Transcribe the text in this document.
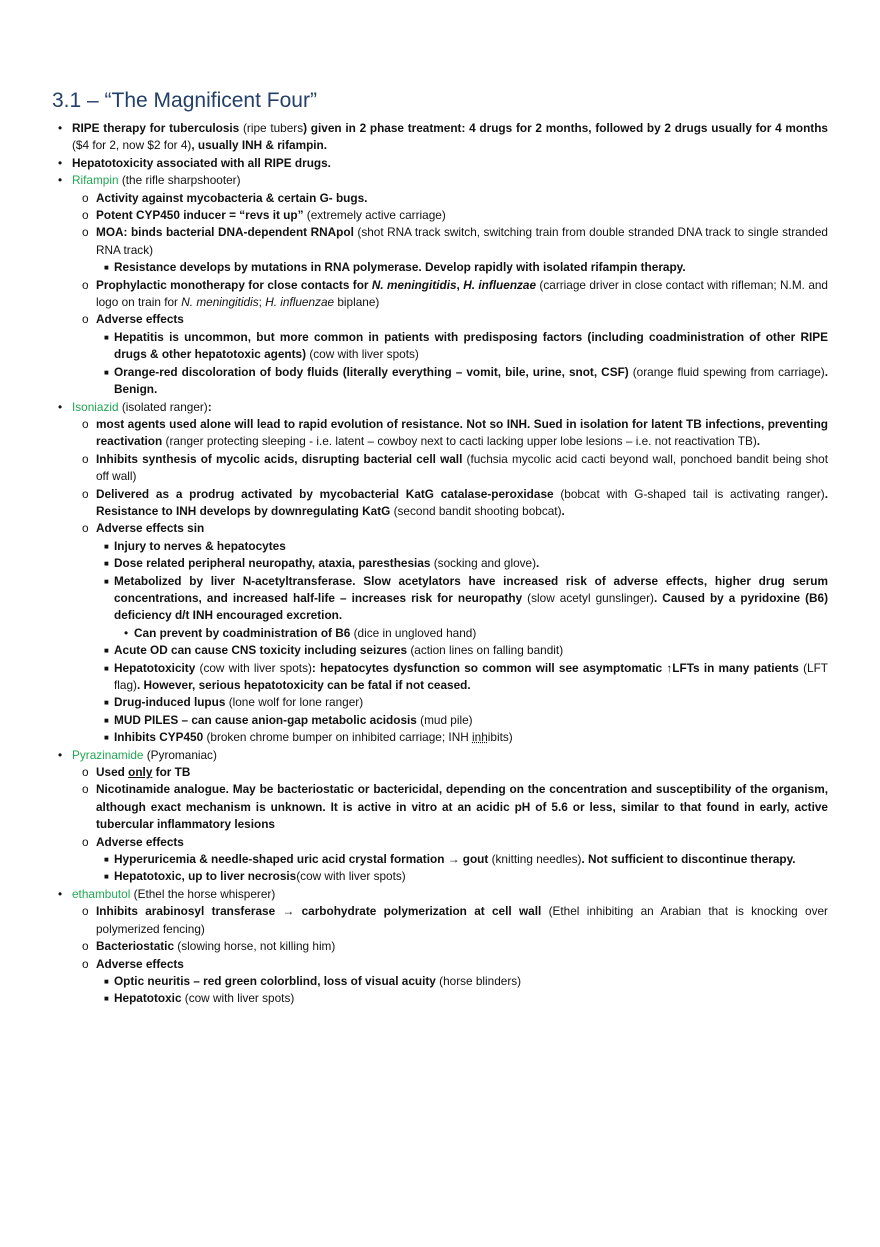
3.1 – “The Magnificent Four”
• RIPE therapy for tuberculosis (ripe tubers) given in 2 phase treatment: 4 drugs for 2 months, followed by 2 drugs usually for 4 months ($4 for 2, now $2 for 4), usually INH & rifampin.
• Hepatotoxicity associated with all RIPE drugs.
• Rifampin (the rifle sharpshooter)
o Activity against mycobacteria & certain G- bugs.
o Potent CYP450 inducer = “revs it up” (extremely active carriage)
o MOA: binds bacterial DNA-dependent RNApol (shot RNA track switch, switching train from double stranded DNA track to single stranded RNA track)
■ Resistance develops by mutations in RNA polymerase. Develop rapidly with isolated rifampin therapy.
o Prophylactic monotherapy for close contacts for N. meningitidis, H. influenzae (carriage driver in close contact with rifleman; N.M. and logo on train for N. meningitidis; H. influenzae biplane)
o Adverse effects
■ Hepatitis is uncommon, but more common in patients with predisposing factors (including coadministration of other RIPE drugs & other hepatotoxic agents) (cow with liver spots)
■ Orange-red discoloration of body fluids (literally everything – vomit, bile, urine, snot, CSF) (orange fluid spewing from carriage). Benign.
• Isoniazid (isolated ranger):
o most agents used alone will lead to rapid evolution of resistance. Not so INH. Sued in isolation for latent TB infections, preventing reactivation (ranger protecting sleeping - i.e. latent – cowboy next to cacti lacking upper lobe lesions – i.e. not reactivation TB).
o Inhibits synthesis of mycolic acids, disrupting bacterial cell wall (fuchsia mycolic acid cacti beyond wall, ponchoed bandit being shot off wall)
o Delivered as a prodrug activated by mycobacterial KatG catalase-peroxidase (bobcat with G-shaped tail is activating ranger). Resistance to INH develops by downregulating KatG (second bandit shooting bobcat).
o Adverse effects sin
■ Injury to nerves & hepatocytes
■ Dose related peripheral neuropathy, ataxia, paresthesias (socking and glove).
■ Metabolized by liver N-acetyltransferase. Slow acetylators have increased risk of adverse effects, higher drug serum concentrations, and increased half-life – increases risk for neuropathy (slow acetyl gunslinger). Caused by a pyridoxine (B6) deficiency d/t INH encouraged excretion.
• Can prevent by coadministration of B6 (dice in ungloved hand)
■ Acute OD can cause CNS toxicity including seizures (action lines on falling bandit)
■ Hepatotoxicity (cow with liver spots): hepatocytes dysfunction so common will see asymptomatic ↑LFTs in many patients (LFT flag). However, serious hepatotoxicity can be fatal if not ceased.
■ Drug-induced lupus (lone wolf for lone ranger)
■ MUD PILES – can cause anion-gap metabolic acidosis (mud pile)
■ Inhibits CYP450 (broken chrome bumper on inhibited carriage; INH inhibits)
• Pyrazinamide (Pyromaniac)
o Used only for TB
o Nicotinamide analogue. May be bacteriostatic or bactericidal, depending on the concentration and susceptibility of the organism, although exact mechanism is unknown. It is active in vitro at an acidic pH of 5.6 or less, similar to that found in early, active tubercular inflammatory lesions
o Adverse effects
■ Hyperuricemia & needle-shaped uric acid crystal formation → gout (knitting needles). Not sufficient to discontinue therapy.
■ Hepatotoxic, up to liver necrosis(cow with liver spots)
• ethambutol (Ethel the horse whisperer)
o Inhibits arabinosyl transferase → carbohydrate polymerization at cell wall (Ethel inhibiting an Arabian that is knocking over polymerized fencing)
o Bacteriostatic (slowing horse, not killing him)
o Adverse effects
■ Optic neuritis – red green colorblind, loss of visual acuity (horse blinders)
■ Hepatotoxic (cow with liver spots)
